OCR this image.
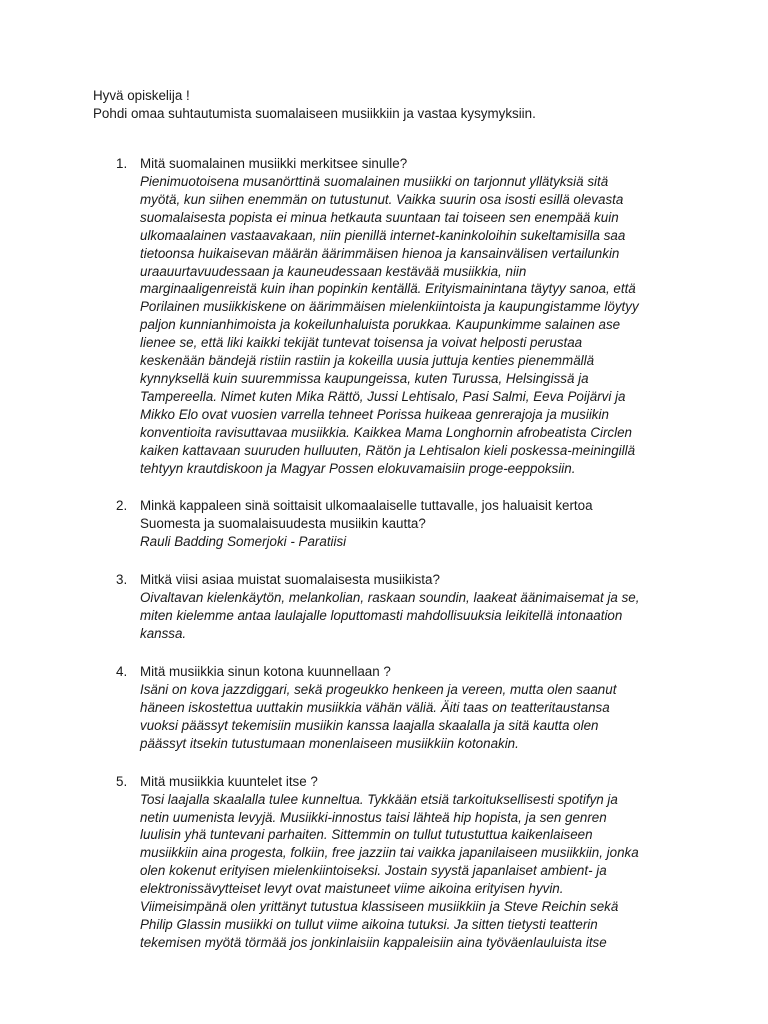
Hyvä opiskelija !

Pohdi omaa suhtautumista suomalaiseen musiikkiin ja vastaa kysymyksiin.

1. Mitä suomalainen musiikki merkitsee sinulle?

Pienimuotoisena musanörttinä suomalainen musiikki on tarjonnut yllätyksiä sitä
myötä, kun siihen enemmän on tutustunut. Vaikka suurin osa isosti esillä olevasta
suomalaisesta popista ei minua hetkauta suuntaan tai toiseen sen enempää kuin
ulkomaalainen vastaavakaan, niin pienillä internet-kaninkoloihin sukeltamisilla saa
tietoonsa huikaisevan määrän äärimmäisen hienoa ja kansainvälisen vertailunkin
uraauurtavuudessaan ja kauneudessaan kestävää musiikkia, niin
marginaaligenreistä kuin ihan popinkin kentällä. Erityismainintana täytyy sanoa, että
Porilainen musiikkiskene on äärimmäisen mielenkiintoista ja kaupungistamme löytyy
paljon kunnianhimoista ja kokeilunhaluista porukkaa. Kaupunkimme salainen ase
lienee se, että liki kaikki tekijät tuntevat toisensa ja voivat helposti perustaa
keskenään bändejä ristiin rastiin ja kokeilla uusia juttuja kenties pienemmällä
kynnyksellä kuin suuremmissa kaupungeissa, kuten Turussa, Helsingissä ja
Tampereella. Nimet kuten Mika Rättö, Jussi Lehtisalo, Pasi Salmi, Eeva Poijärvi ja
Mikko Elo ovat vuosien varrella tehneet Porissa huikeaa genrerajoja ja musiikin
konventioita ravisuttavaa musiikkia. Kaikkea Mama Longhornin afrobeatista Circlen
kaiken kattavaan suuruden hulluuten, Rätön ja Lehtisalon kieli poskessa-meiningillä
tehtyyn krautdiskoon ja Magyar Possen elokuvamaisiin proge-eeppoksiin.

2. Minkä kappaleen sinä soittaisit ulkomaalaiselle tuttavalle, jos haluaisit kertoa
Suomesta ja suomalaisuudesta musiikin kautta?

Rauli Badding Somerjoki - Paratiisi

3. Mitkä viisi asiaa muistat suomalaisesta musiikista?

Oivaltavan kielenkäytön, melankolian, raskaan soundin, laakeat äänimaisemat ja se,
miten kielemme antaa laulajalle loputtomasti mahdollisuuksia leikitellä intonaation
kanssa.

4. Mitä musiikkia sinun kotona kuunnellaan ?

Isäni on kova jazzdiggari, sekä progeukko henkeen ja vereen, mutta olen saanut
häneen iskostettua uuttakin musiikkia vähän väliä. Äiti taas on teatteritaustansa
vuoksi päässyt tekemisiin musiikin kanssa laajalla skaalalla ja sitä kautta olen
päässyt itsekin tutustumaan monenlaiseen musiikkiin kotonakin.

5. Mitä musiikkia kuuntelet itse ?

Tosi laajalla skaalalla tulee kunneltua. Tykkään etsiä tarkoituksellisesti spotifyn ja
netin uumenista levyjä. Musiikki-innostus taisi lähteä hip hopista, ja sen genren
luulisin yhä tuntevani parhaiten. Sittemmin on tullut tutustuttua kaikenlaiseen
musiikkiin aina progesta, folkiin, free jazziin tai vaikka japanilaiseen musiikkiin, jonka
olen kokenut erityisen mielenkiintoiseksi. Jostain syystä japanlaiset ambient- ja
elektronissävytteiset levyt ovat maistuneet viime aikoina erityisen hyvin.
Viimeisimpänä olen yrittänyt tutustua klassiseen musiikkiin ja Steve Reichin sekä
Philip Glassin musiikki on tullut viime aikoina tutuksi. Ja sitten tietysti teatterin
tekemisen myötä törmää jos jonkinlaisiin kappaleisiin aina työväenlauluista itse
